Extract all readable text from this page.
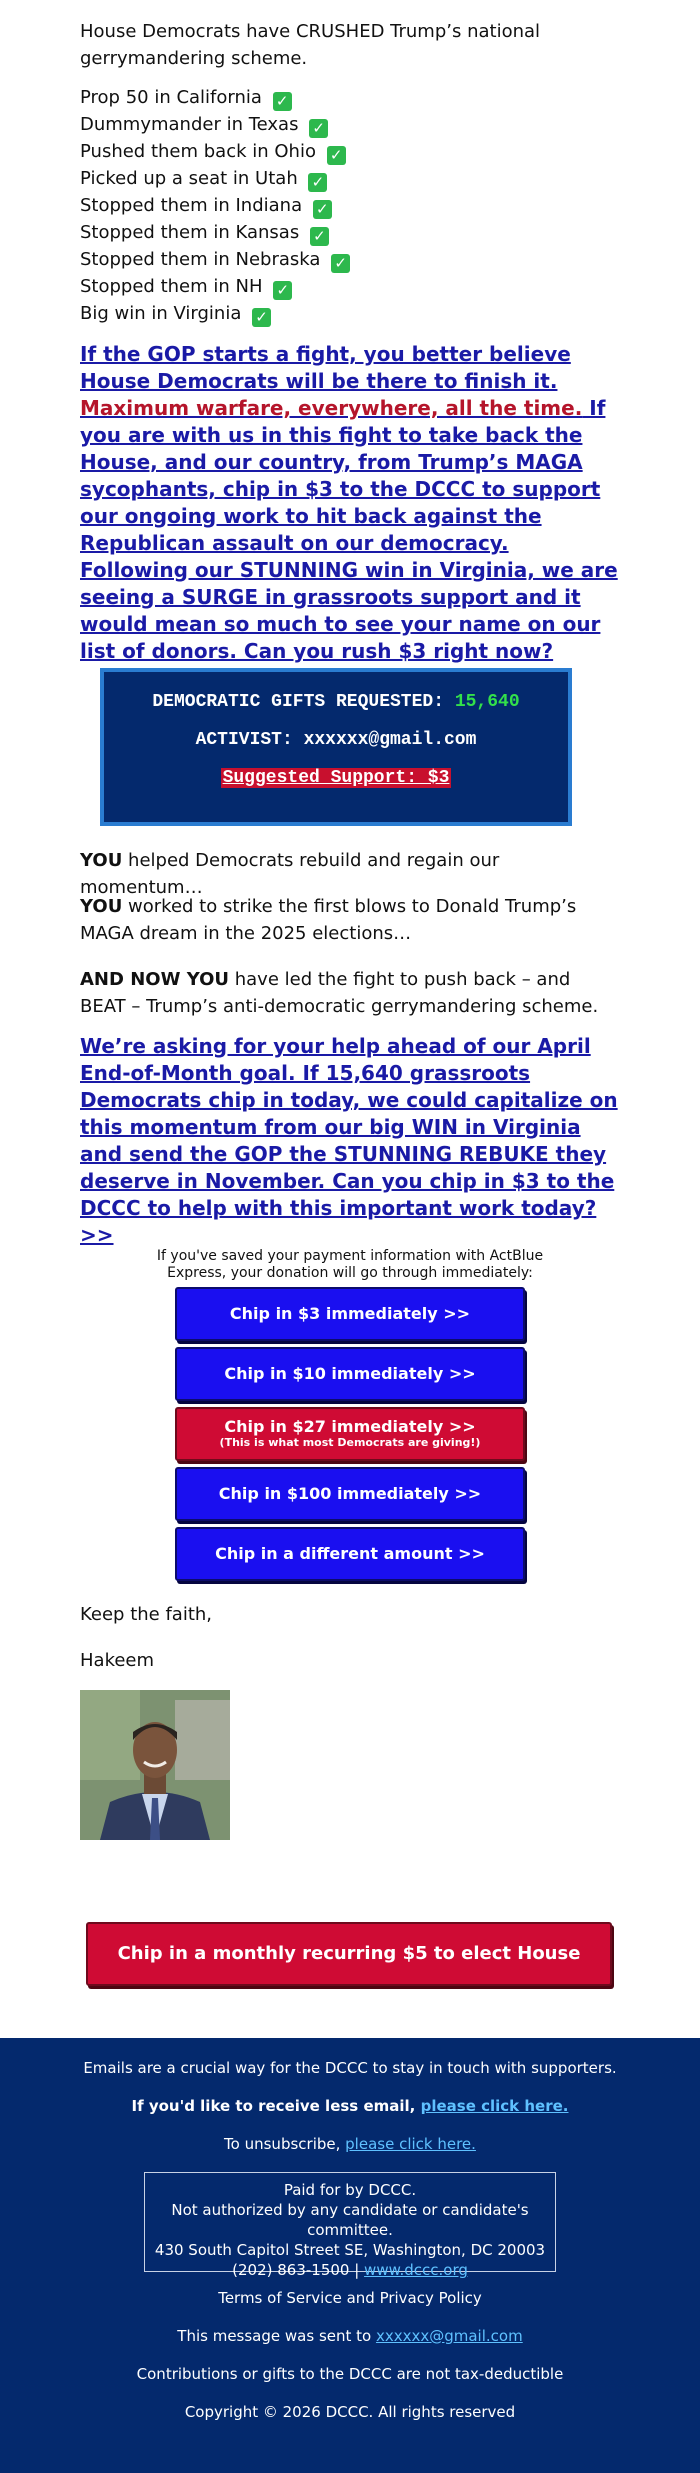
House Democrats have CRUSHED Trump’s national gerrymandering scheme.

Prop 50 in California ✓
Dummymander in Texas ✓
Pushed them back in Ohio ✓
Picked up a seat in Utah ✓
Stopped them in Indiana ✓
Stopped them in Kansas ✓
Stopped them in Nebraska ✓
Stopped them in NH ✓
Big win in Virginia ✓
If the GOP starts a fight, you better believe House Democrats will be there to finish it. Maximum warfare, everywhere, all the time. If you are with us in this fight to take back the House, and our country, from Trump’s MAGA sycophants, chip in $3 to the DCCC to support our ongoing work to hit back against the Republican assault on our democracy. Following our STUNNING win in Virginia, we are seeing a SURGE in grassroots support and it would mean so much to see your name on our list of donors. Can you rush $3 right now?
DEMOCRATIC GIFTS REQUESTED: 15,640
ACTIVIST: xxxxxx@gmail.com
Suggested Support: $3

YOU helped Democrats rebuild and regain our momentum…

YOU worked to strike the first blows to Donald Trump’s MAGA dream in the 2025 elections…

AND NOW YOU have led the fight to push back – and BEAT – Trump’s anti-democratic gerrymandering scheme.

We’re asking for your help ahead of our April End-of-Month goal. If 15,640 grassroots Democrats chip in today, we could capitalize on this momentum from our big WIN in Virginia and send the GOP the STUNNING REBUKE they deserve in November. Can you chip in $3 to the DCCC to help with this important work today? >>

If you've saved your payment information with ActBlue Express, your donation will go through immediately:

Chip in $3 immediately >>
Chip in $10 immediately >>
Chip in $27 immediately >>
(This is what most Democrats are giving!)
Chip in $100 immediately >>
Chip in a different amount >>

Keep the faith,

Hakeem

Chip in a monthly recurring $5 to elect House Dems >>
Emails are a crucial way for the DCCC to stay in touch with supporters.
If you'd like to receive less email, please click here.
To unsubscribe, please click here.
Paid for by DCCC.
Not authorized by any candidate or candidate's committee.
430 South Capitol Street SE, Washington, DC 20003
(202) 863-1500 | www.dccc.org
Terms of Service and Privacy Policy
This message was sent to xxxxxx@gmail.com
Contributions or gifts to the DCCC are not tax-deductible
Copyright © 2026 DCCC. All rights reserved
